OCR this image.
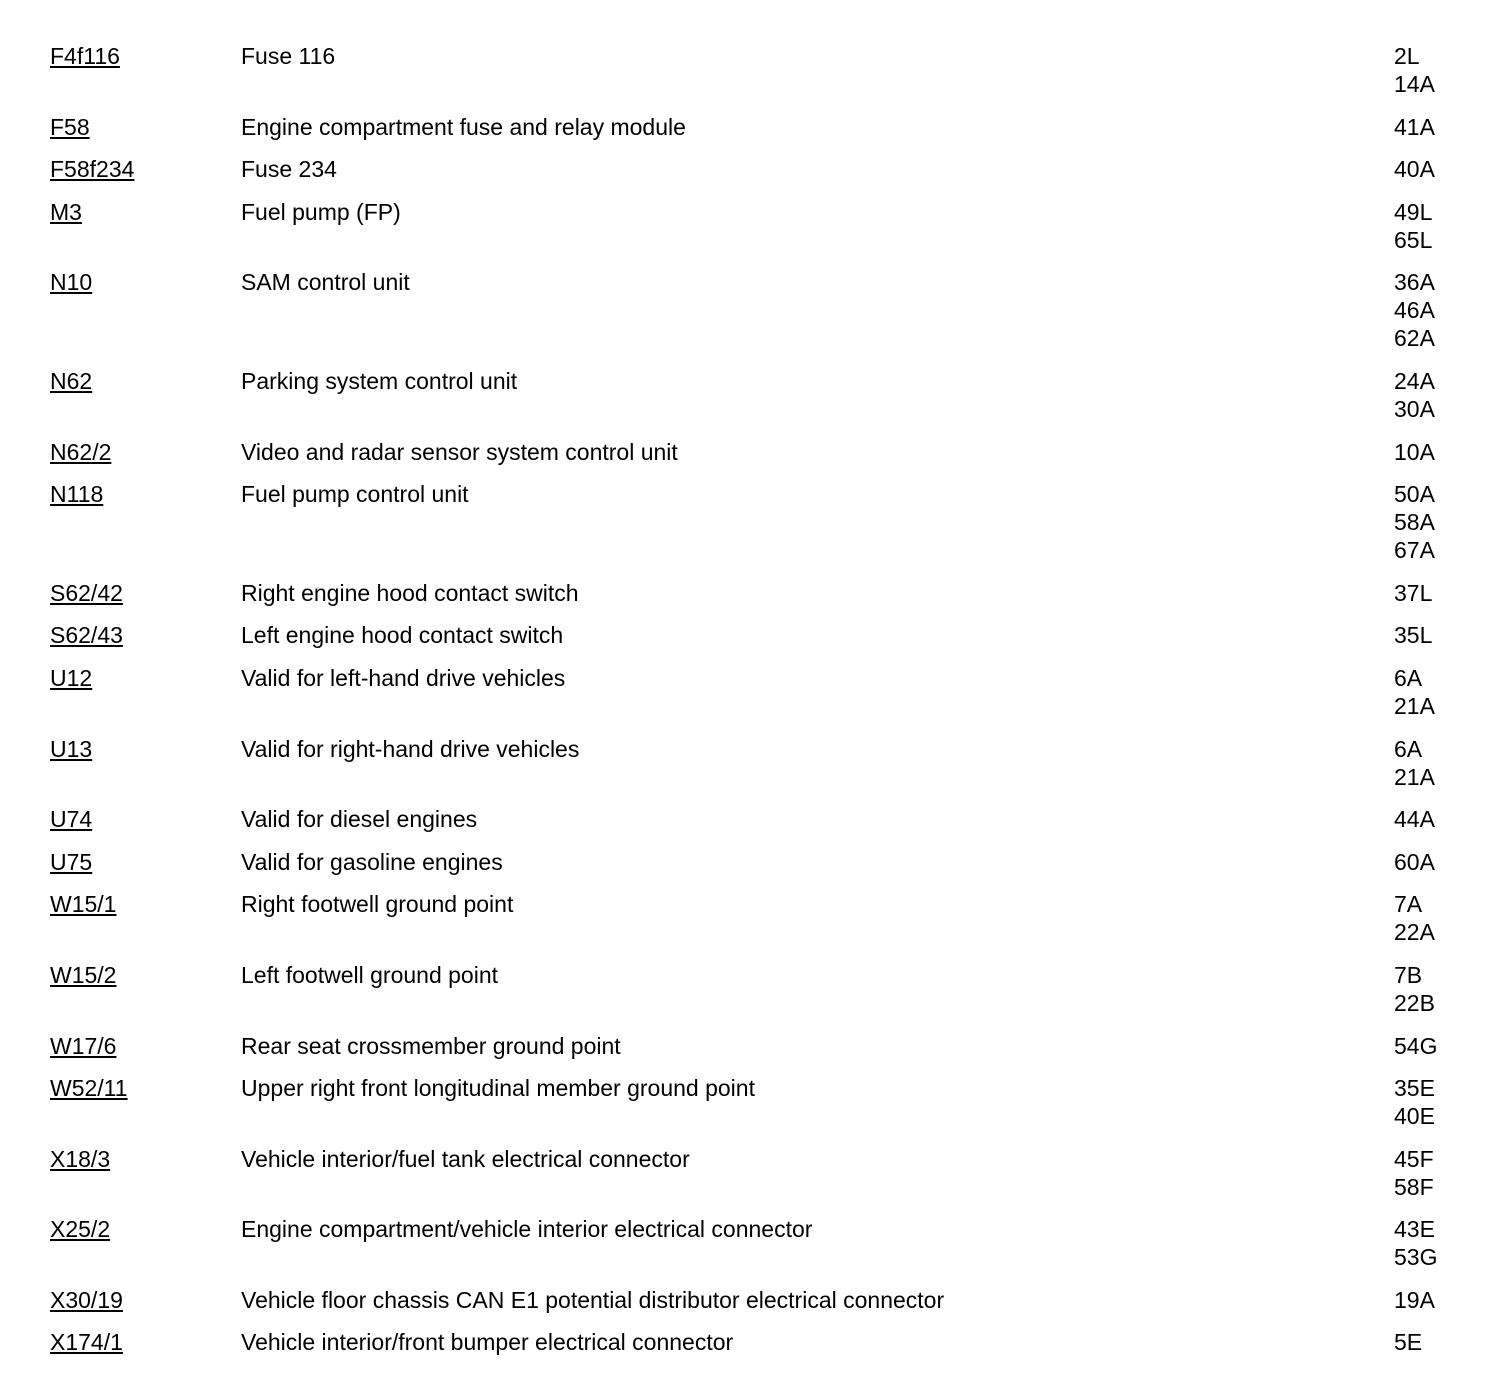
F4f116	Fuse 116	2L
14A
F58	Engine compartment fuse and relay module	41A
F58f234	Fuse 234	40A
M3	Fuel pump (FP)	49L
65L
N10	SAM control unit	36A
46A
62A
N62	Parking system control unit	24A
30A
N62/2	Video and radar sensor system control unit	10A
N118	Fuel pump control unit	50A
58A
67A
S62/42	Right engine hood contact switch	37L
S62/43	Left engine hood contact switch	35L
U12	Valid for left-hand drive vehicles	6A
21A
U13	Valid for right-hand drive vehicles	6A
21A
U74	Valid for diesel engines	44A
U75	Valid for gasoline engines	60A
W15/1	Right footwell ground point	7A
22A
W15/2	Left footwell ground point	7B
22B
W17/6	Rear seat crossmember ground point	54G
W52/11	Upper right front longitudinal member ground point	35E
40E
X18/3	Vehicle interior/fuel tank electrical connector	45F
58F
X25/2	Engine compartment/vehicle interior electrical connector	43E
53G
X30/19	Vehicle floor chassis CAN E1 potential distributor electrical connector	19A
X174/1	Vehicle interior/front bumper electrical connector	5E
